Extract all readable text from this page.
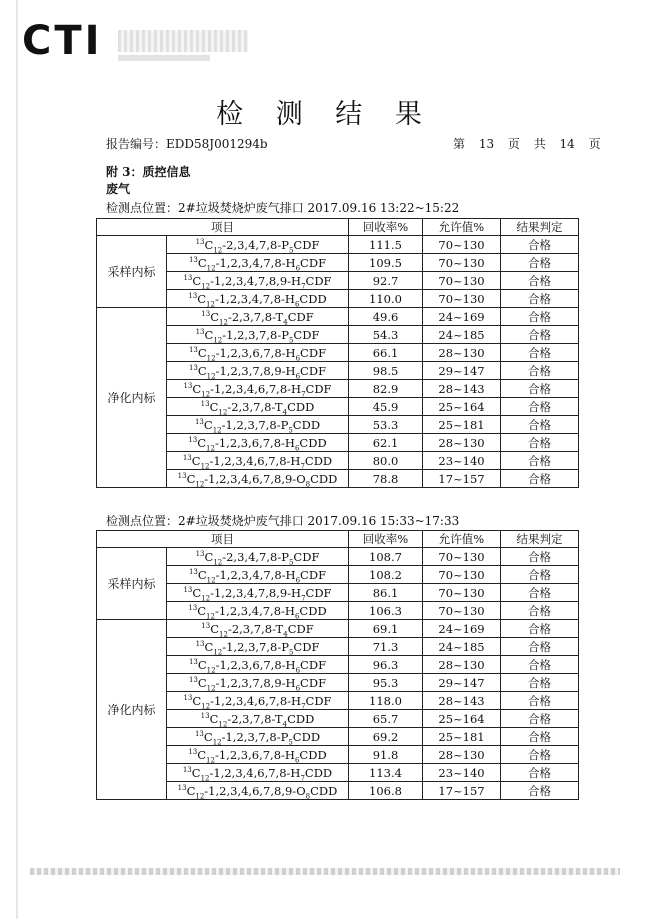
CTI
检 测 结 果
报告编号：EDD58J001294b	第 13 页 共 14 页
附 3：质控信息
废气
检测点位置：2#垃圾焚烧炉废气排口 2017.09.16 13:22~15:22
项目		回收率%	允许值%	结果判定
采样内标	$^{13}C_{12}-2,3,4,7,8-P_5CDF$	111.5	70~130	合格
	$^{13}C_{12}-1,2,3,4,7,8-H_6CDF$	109.5	70~130	合格
	$^{13}C_{12}-1,2,3,4,7,8,9-H_7CDF$	92.7	70~130	合格
	$^{13}C_{12}-1,2,3,4,7,8-H_6CDD$	110.0	70~130	合格
净化内标	$^{13}C_{12}-2,3,7,8-T_4CDF$	49.6	24~169	合格
	$^{13}C_{12}-1,2,3,7,8-P_5CDF$	54.3	24~185	合格
	$^{13}C_{12}-1,2,3,6,7,8-H_6CDF$	66.1	28~130	合格
	$^{13}C_{12}-1,2,3,7,8,9-H_6CDF$	98.5	29~147	合格
	$^{13}C_{12}-1,2,3,4,6,7,8-H_7CDF$	82.9	28~143	合格
	$^{13}C_{12}-2,3,7,8-T_4CDD$	45.9	25~164	合格
	$^{13}C_{12}-1,2,3,7,8-P_5CDD$	53.3	25~181	合格
	$^{13}C_{12}-1,2,3,6,7,8-H_6CDD$	62.1	28~130	合格
	$^{13}C_{12}-1,2,3,4,6,7,8-H_7CDD$	80.0	23~140	合格
	$^{13}C_{12}-1,2,3,4,6,7,8,9-O_8CDD$	78.8	17~157	合格
检测点位置：2#垃圾焚烧炉废气排口 2017.09.16 15:33~17:33
项目		回收率%	允许值%	结果判定
采样内标	$^{13}C_{12}-2,3,4,7,8-P_5CDF$	108.7	70~130	合格
	$^{13}C_{12}-1,2,3,4,7,8-H_6CDF$	108.2	70~130	合格
	$^{13}C_{12}-1,2,3,4,7,8,9-H_7CDF$	86.1	70~130	合格
	$^{13}C_{12}-1,2,3,4,7,8-H_6CDD$	106.3	70~130	合格
净化内标	$^{13}C_{12}-2,3,7,8-T_4CDF$	69.1	24~169	合格
	$^{13}C_{12}-1,2,3,7,8-P_5CDF$	71.3	24~185	合格
	$^{13}C_{12}-1,2,3,6,7,8-H_6CDF$	96.3	28~130	合格
	$^{13}C_{12}-1,2,3,7,8,9-H_6CDF$	95.3	29~147	合格
	$^{13}C_{12}-1,2,3,4,6,7,8-H_7CDF$	118.0	28~143	合格
	$^{13}C_{12}-2,3,7,8-T_4CDD$	65.7	25~164	合格
	$^{13}C_{12}-1,2,3,7,8-P_5CDD$	69.2	25~181	合格
	$^{13}C_{12}-1,2,3,6,7,8-H_6CDD$	91.8	28~130	合格
	$^{13}C_{12}-1,2,3,4,6,7,8-H_7CDD$	113.4	23~140	合格
	$^{13}C_{12}-1,2,3,4,6,7,8,9-O_8CDD$	106.8	17~157	合格
